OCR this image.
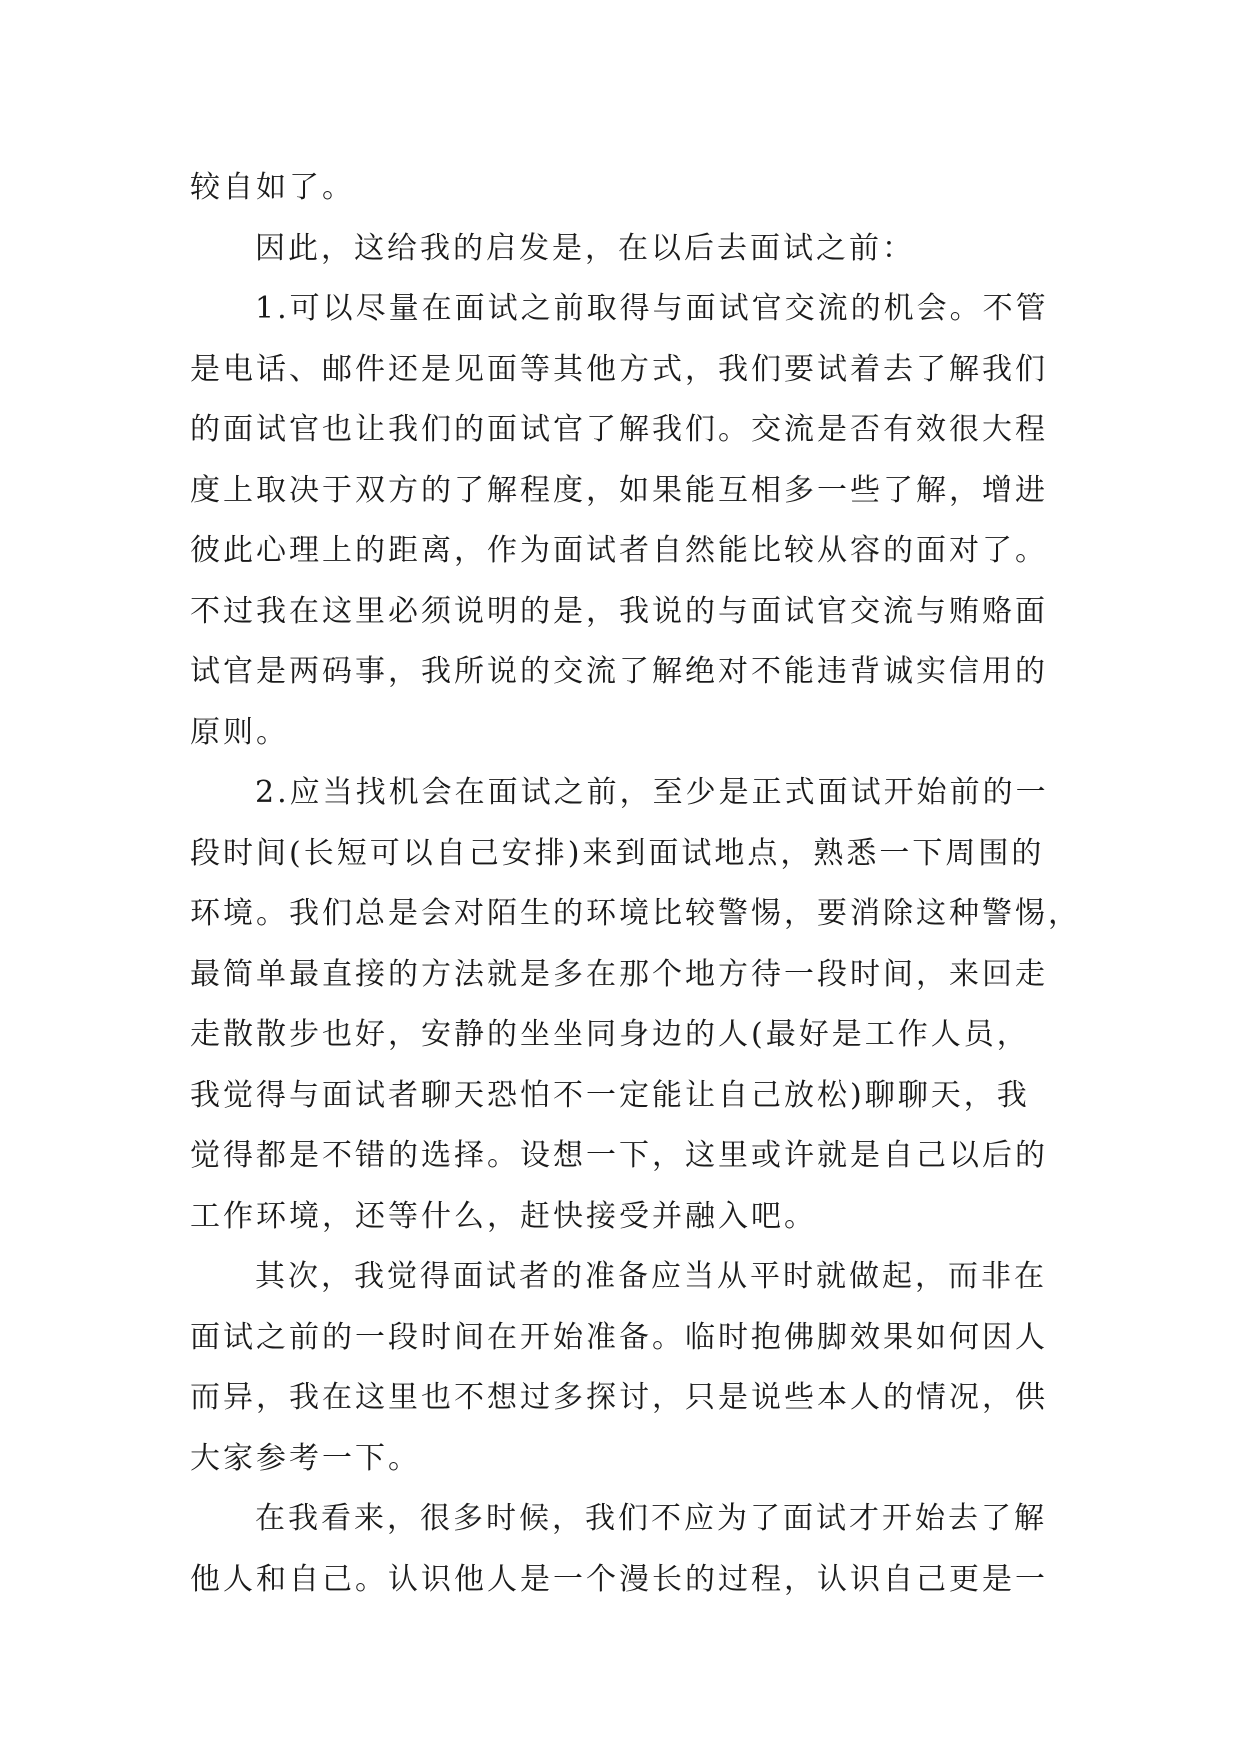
较自如了。
因此，这给我的启发是，在以后去面试之前：
1.可以尽量在面试之前取得与面试官交流的机会。不管
是电话、邮件还是见面等其他方式，我们要试着去了解我们
的面试官也让我们的面试官了解我们。交流是否有效很大程
度上取决于双方的了解程度，如果能互相多一些了解，增进
彼此心理上的距离，作为面试者自然能比较从容的面对了。
不过我在这里必须说明的是，我说的与面试官交流与贿赂面
试官是两码事，我所说的交流了解绝对不能违背诚实信用的
原则。
2.应当找机会在面试之前，至少是正式面试开始前的一
段时间(长短可以自己安排)来到面试地点，熟悉一下周围的
环境。我们总是会对陌生的环境比较警惕，要消除这种警惕，
最简单最直接的方法就是多在那个地方待一段时间，来回走
走散散步也好，安静的坐坐同身边的人(最好是工作人员，
我觉得与面试者聊天恐怕不一定能让自己放松)聊聊天，我
觉得都是不错的选择。设想一下，这里或许就是自己以后的
工作环境，还等什么，赶快接受并融入吧。
其次，我觉得面试者的准备应当从平时就做起，而非在
面试之前的一段时间在开始准备。临时抱佛脚效果如何因人
而异，我在这里也不想过多探讨，只是说些本人的情况，供
大家参考一下。
在我看来，很多时候，我们不应为了面试才开始去了解
他人和自己。认识他人是一个漫长的过程，认识自己更是一
